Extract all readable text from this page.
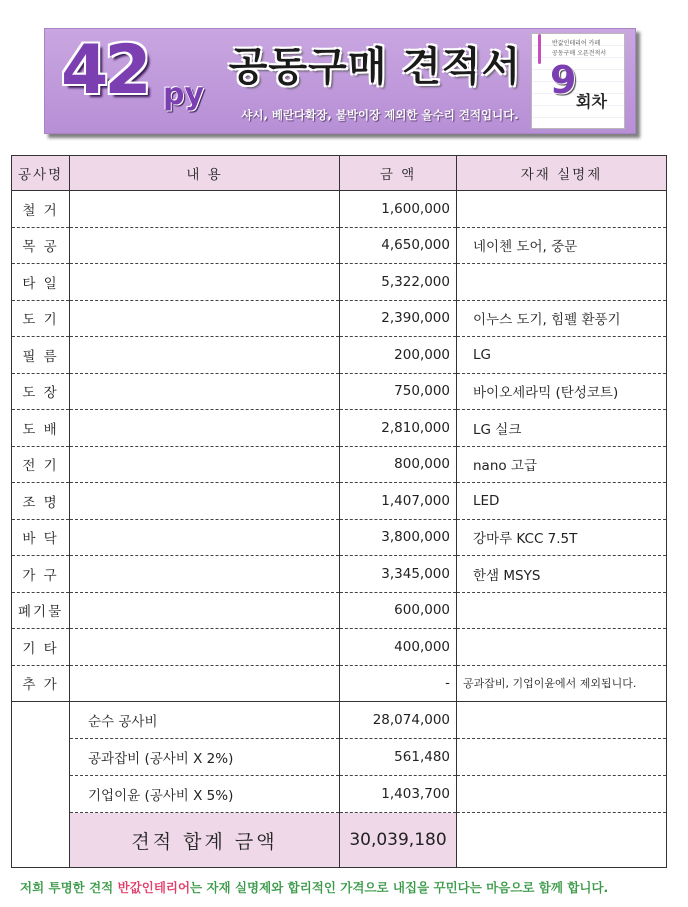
42 py
공동구매 견적서
샤시, 베란다확장, 붙박이장 제외한 올수리 견적입니다.
반값인테리어 카페
공동구매 오픈견적서
9 회차
공사명	내 용	금 액	자재 실명제
철 거		1,600,000	
목 공		4,650,000	네이첸 도어, 중문
타 일		5,322,000	
도 기		2,390,000	이누스 도기, 힘펠 환풍기
필 름		200,000	LG
도 장		750,000	바이오세라믹 (탄성코트)
도 배		2,810,000	LG 실크
전 기		800,000	nano 고급
조 명		1,407,000	LED
바 닥		3,800,000	강마루 KCC 7.5T
가 구		3,345,000	한샘 MSYS
폐기물		600,000	
기 타		400,000	
추 가		-	공과잡비, 기업이윤에서 제외됩니다.
	순수 공사비	28,074,000	
	공과잡비 (공사비 X 2%)	561,480	
	기업이윤 (공사비 X 5%)	1,403,700	
	견적 합계 금액	30,039,180	
저희 투명한 견적 반값인테리어는 자재 실명제와 합리적인 가격으로 내집을 꾸민다는 마음으로 함께 합니다.
